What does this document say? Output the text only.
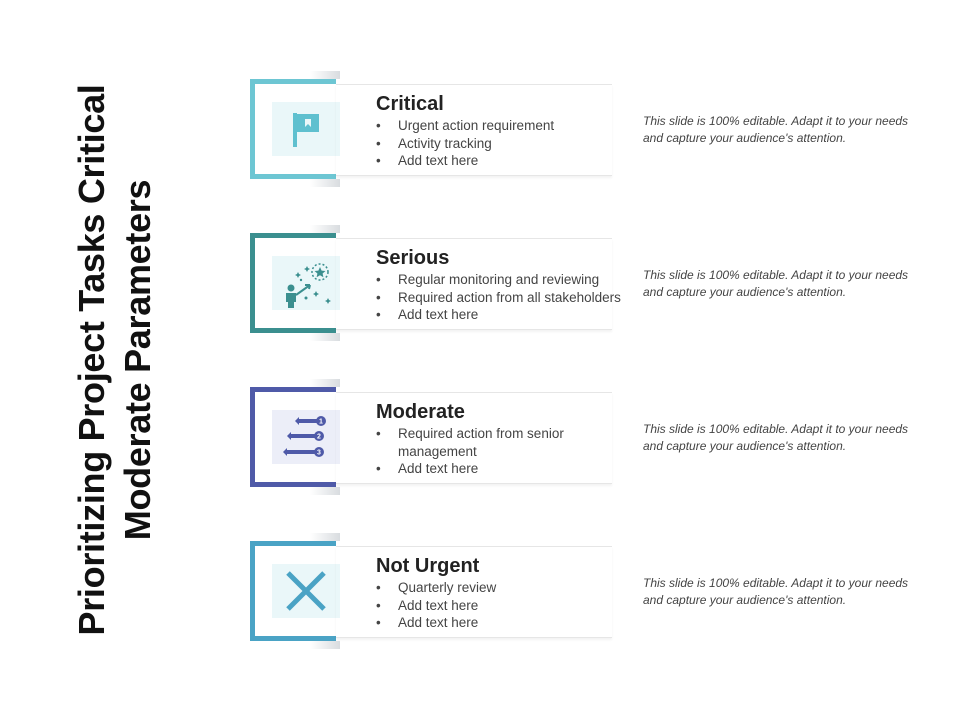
Prioritizing Project Tasks Critical Moderate Parameters
Critical
• Urgent action requirement
• Activity tracking
• Add text here
This slide is 100% editable. Adapt it to your needs and capture your audience's attention.
Serious
• Regular monitoring and reviewing
• Required action from all stakeholders
• Add text here
This slide is 100% editable. Adapt it to your needs and capture your audience's attention.
1
2
3
Moderate
• Required action from senior management
• Add text here
This slide is 100% editable. Adapt it to your needs and capture your audience's attention.
Not Urgent
• Quarterly review
• Add text here
• Add text here
This slide is 100% editable. Adapt it to your needs and capture your audience's attention.
